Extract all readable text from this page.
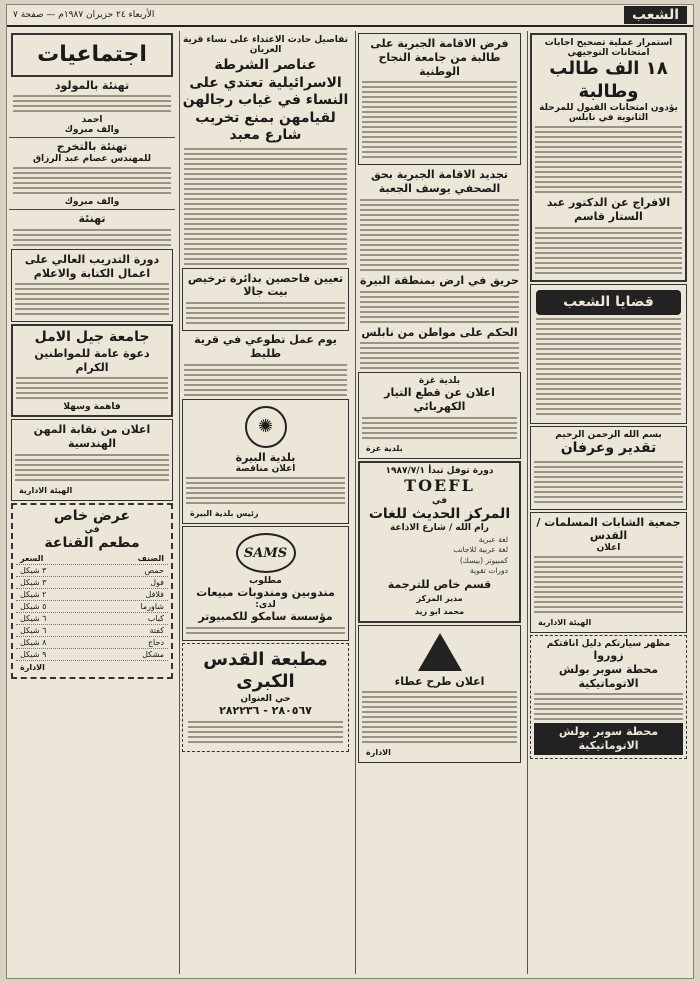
الشعب
الأربعاء ٢٤ حزيران ١٩٨٧م — صفحة ٧
استمرار عملية تصحيح اجابات امتحانات التوجيهي
١٨ الف طالب وطالبة
يؤدون امتحانات القبول للمرحلة الثانوية في نابلس
الافراج عن الدكتور عبد الستار قاسم
قضايا الشعب
بسم الله الرحمن الرحيم
تقدير وعرفان
جمعية الشابات المسلمات / القدس
اعلان
الهيئة الادارية
مظهر سيارتكم دليل اناقتكم
زوروا
محطة سوبر بولش الاتوماتيكية
محطة سوبر بولش الاتوماتيكية
فرض الاقامة الجبرية على طالبة من جامعة النجاح الوطنية
تجديد الاقامة الجبرية بحق الصحفي يوسف الجعبة
حريق في ارض بمنطقة البيرة
الحكم على مواطن من نابلس
بلدية غزة
اعلان عن قطع التيار الكهربائي
بلدية غزة
دورة توفل تبدأ ١٩٨٧/٧/١
TOEFL
في
المركز الحديث للغات
رام الله / شارع الاذاعة
لغة عبرية
لغة عربية للاجانب
كمبيوتر (بيسك)
دورات تقوية
قسم خاص للترجمة
مدير المركز
محمد ابو زيد
اعلان طرح عطاء
الادارة
تفاصيل حادث الاعتداء على نساء قرية العريان
عناصر الشرطة الاسرائيلية تعتدي على النساء في غياب رجالهن لقيامهن بمنع تخريب شارع معبد
تعيين فاحصين بدائرة ترخيص بيت جالا
يوم عمل تطوعي في قرية طليط
✺
بلدية البيرة
اعلان مناقصة
رئيس بلدية البيرة
SAMS
مطلوب
مندوبين ومندوبات مبيعات
لدى:
مؤسسة سامكو للكمبيوتر
مطبعة القدس الكبرى
حي العنوان
٢٨٠٥٦٧ - ٢٨٢٢٣٦
اجتماعيات
تهنئة بالمولود
احمد
والف مبروك
تهنئة بالتخرج
للمهندس عصام عبد الرزاق
والف مبروك
تهنئة
دورة التدريب العالي على اعمال الكتابة والاعلام
جامعة جيل الامل
دعوة عامة للمواطنين الكرام
فاهمة وسهلا
اعلان من نقابة المهن الهندسية
الهيئة الادارية
عرض خاص
في
مطعم القناعة
الصنف
السعر
حمص
٣ شيكل
فول
٣ شيكل
فلافل
٢ شيكل
شاورما
٥ شيكل
كباب
٦ شيكل
كفتة
٦ شيكل
دجاج
٨ شيكل
مشكل
٩ شيكل
الادارة
